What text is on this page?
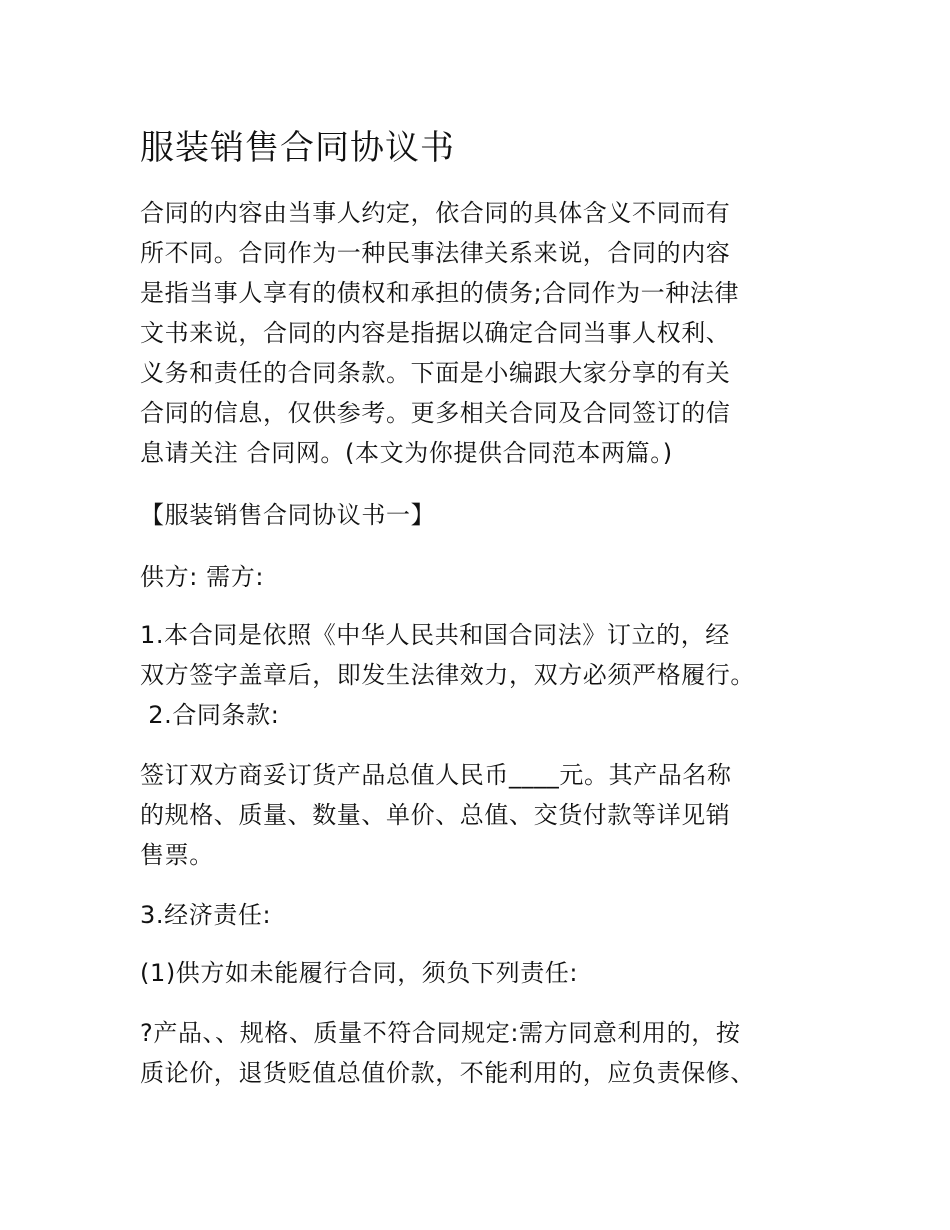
服装销售合同协议书

合同的内容由当事人约定，依合同的具体含义不同而有

所不同。合同作为一种民事法律关系来说，合同的内容

是指当事人享有的债权和承担的债务;合同作为一种法律

文书来说，合同的内容是指据以确定合同当事人权利、

义务和责任的合同条款。下面是小编跟大家分享的有关

合同的信息，仅供参考。更多相关合同及合同签订的信

息请关注 合同网。(本文为你提供合同范本两篇。)

【服装销售合同协议书一】

供方: 需方:

1.本合同是依照《中华人民共和国合同法》订立的，经

双方签字盖章后，即发生法律效力，双方必须严格履行。

2.合同条款:

签订双方商妥订货产品总值人民币____元。其产品名称

的规格、质量、数量、单价、总值、交货付款等详见销

售票。

3.经济责任:

(1)供方如未能履行合同，须负下列责任:

?产品、、规格、质量不符合同规定:需方同意利用的，按

质论价，退货贬值总值价款，不能利用的，应负责保修、
